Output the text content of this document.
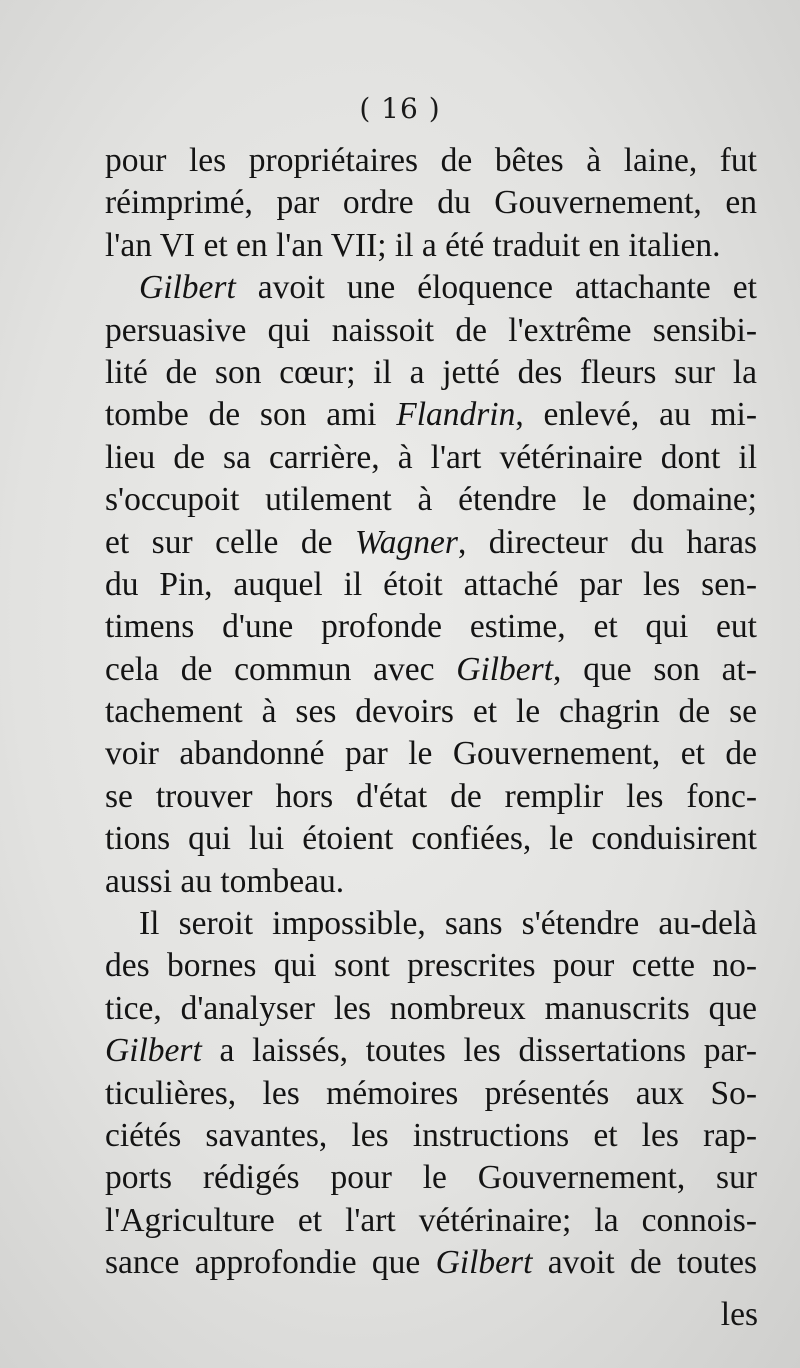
( 16 )
pour les propriétaires de bêtes à laine, fut
réimprimé, par ordre du Gouvernement, en
l'an VI et en l'an VII; il a été traduit en italien.
Gilbert avoit une éloquence attachante et
persuasive qui naissoit de l'extrême sensibi-
lité de son cœur; il a jetté des fleurs sur la
tombe de son ami Flandrin, enlevé, au mi-
lieu de sa carrière, à l'art vétérinaire dont il
s'occupoit utilement à étendre le domaine;
et sur celle de Wagner, directeur du haras
du Pin, auquel il étoit attaché par les sen-
timens d'une profonde estime, et qui eut
cela de commun avec Gilbert, que son at-
tachement à ses devoirs et le chagrin de se
voir abandonné par le Gouvernement, et de
se trouver hors d'état de remplir les fonc-
tions qui lui étoient confiées, le conduisirent
aussi au tombeau.
Il seroit impossible, sans s'étendre au-delà
des bornes qui sont prescrites pour cette no-
tice, d'analyser les nombreux manuscrits que
Gilbert a laissés, toutes les dissertations par-
ticulières, les mémoires présentés aux So-
ciétés savantes, les instructions et les rap-
ports rédigés pour le Gouvernement, sur
l'Agriculture et l'art vétérinaire; la connois-
sance approfondie que Gilbert avoit de toutes
les
